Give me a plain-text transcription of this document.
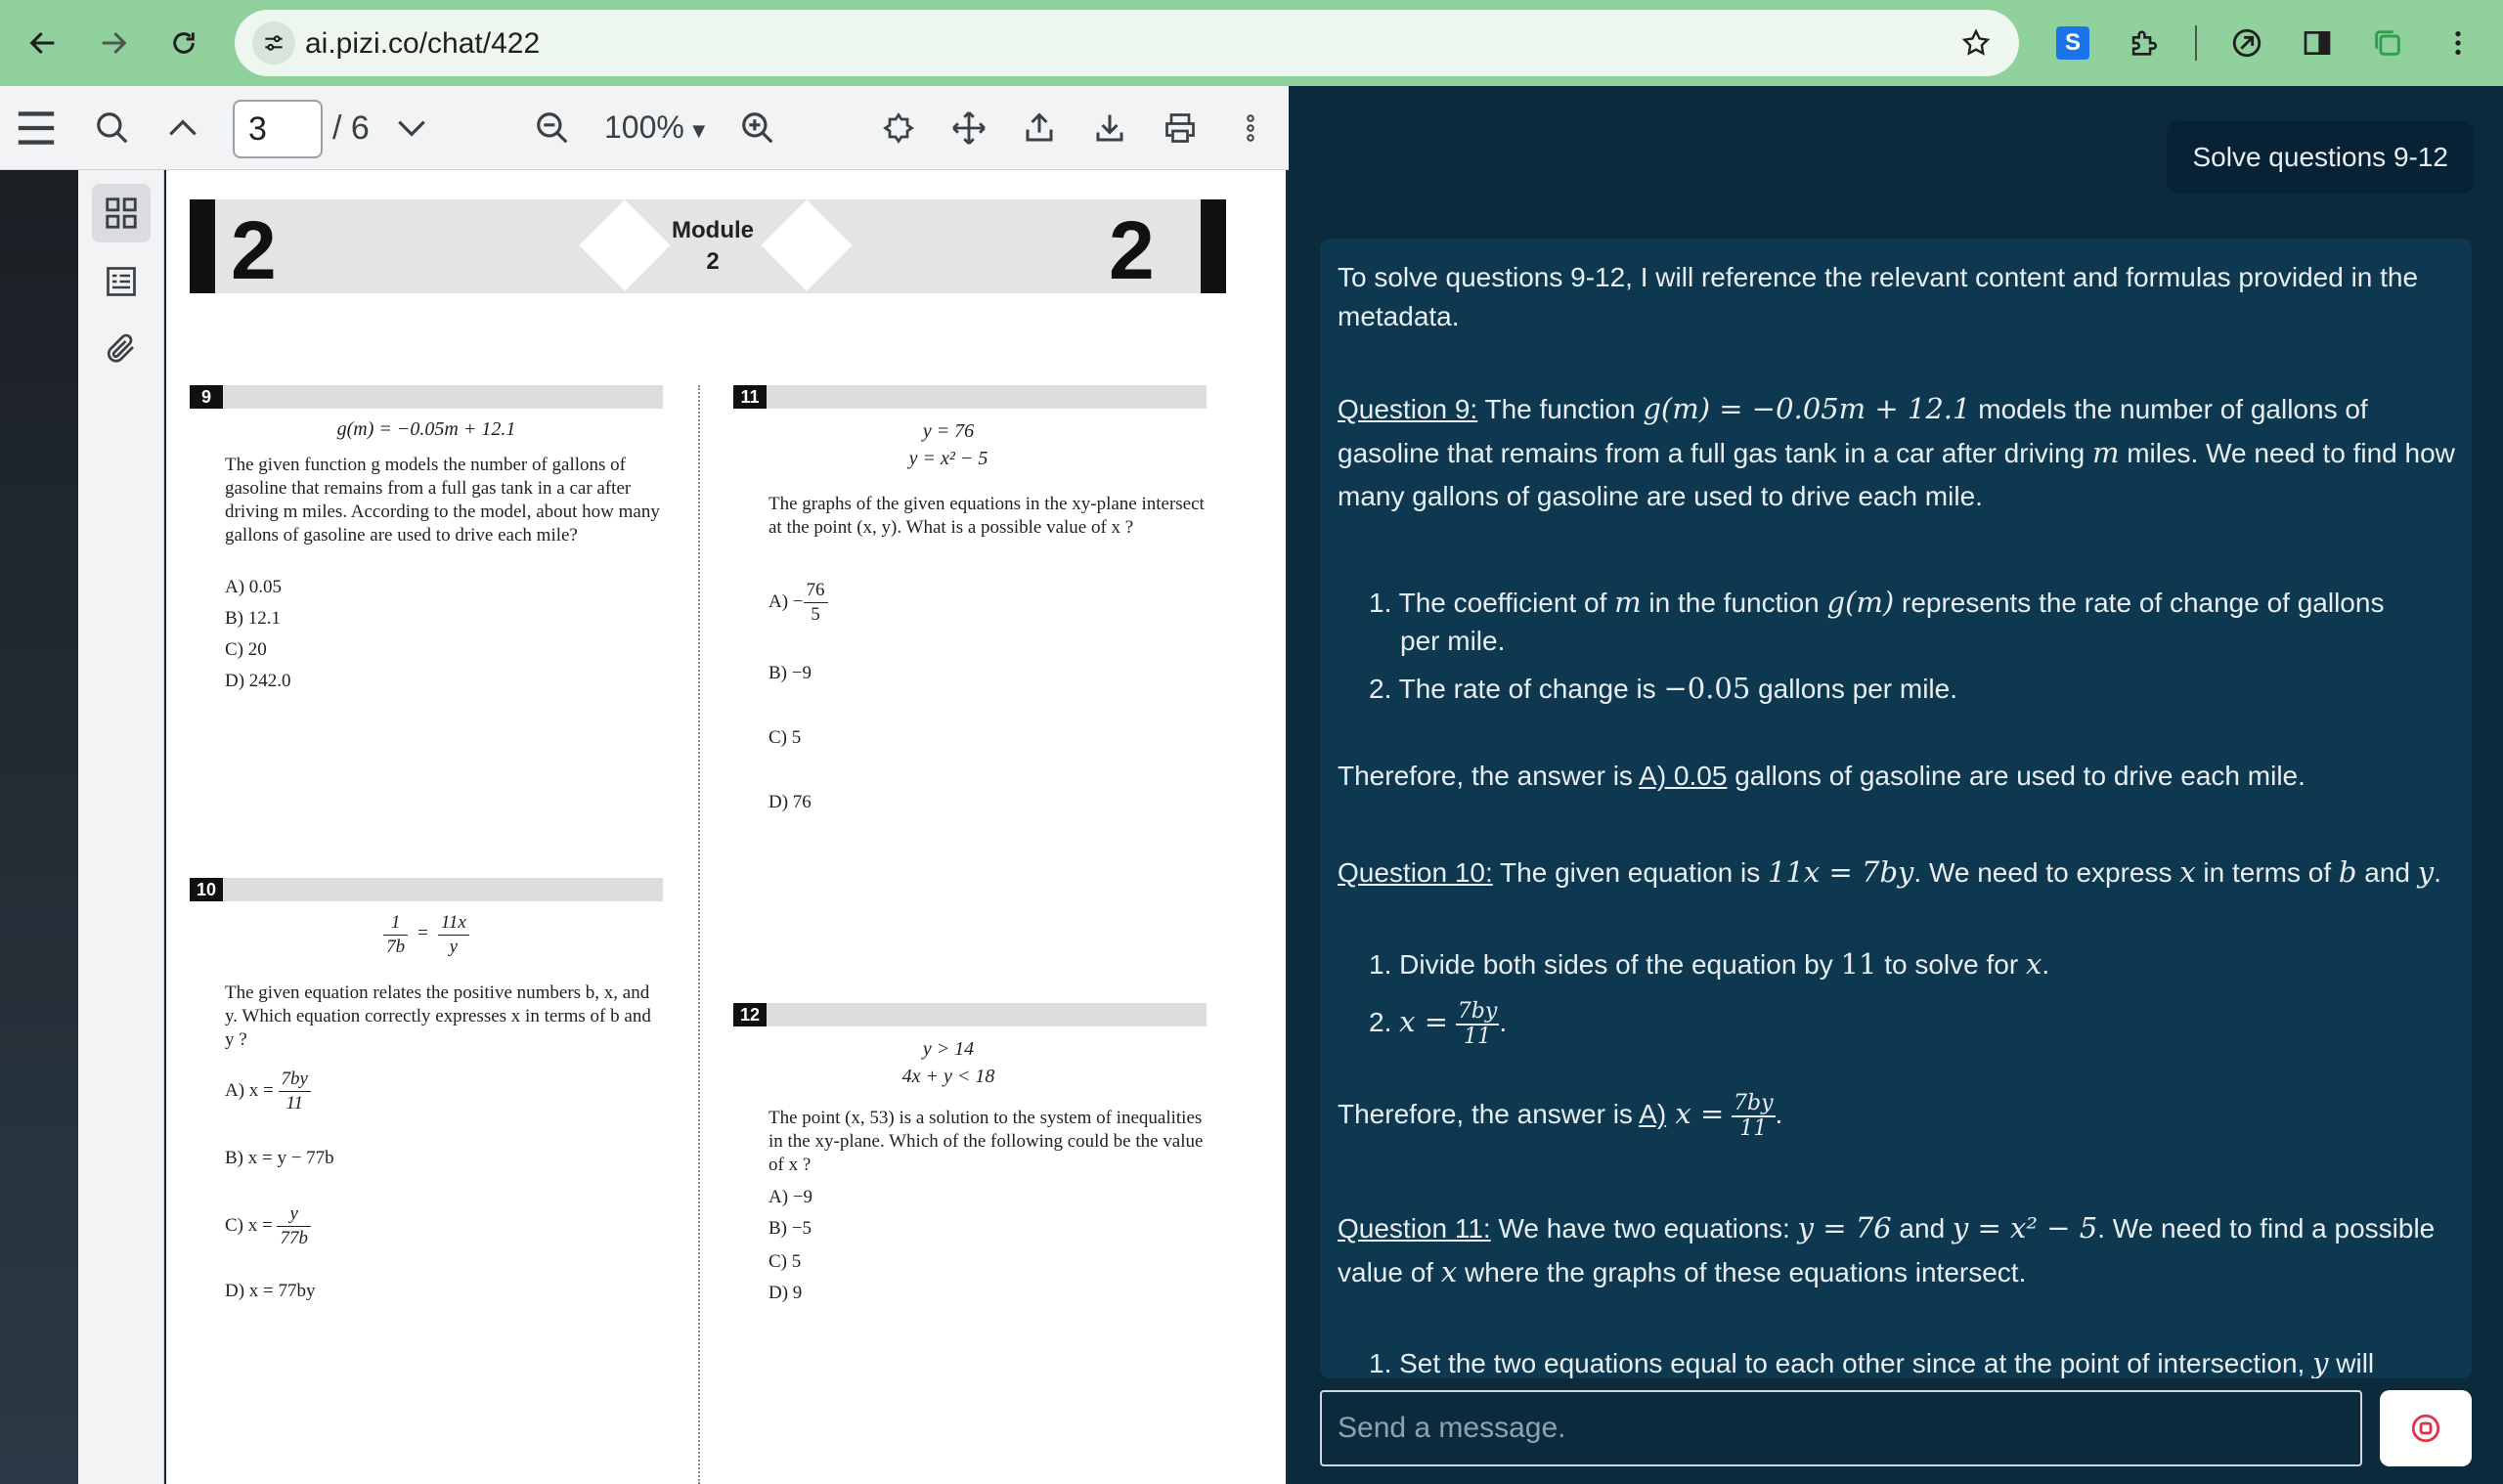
ai.pizi.co/chat/422	S
3
/ 6	100% ▼
2	Module
2	2
9
g(m) = −0.05m + 12.1
The given function g models the number of gallons of gasoline that remains from a full gas tank in a car after driving m miles. According to the model, about how many gallons of gasoline are used to drive each mile?
A) 0.05
B) 12.1
C) 20
D) 242.0
10
$\frac{1}{7b} = \frac{11x}{y}$
The given equation relates the positive numbers b, x, and y. Which equation correctly expresses x in terms of b and y ?
A) $x = \frac{7by}{11}$
B) x = y − 77b
C) $x = \frac{y}{77b}$
D) x = 77by
11
y = 76
y = x² − 5
The graphs of the given equations in the xy-plane intersect at the point (x, y). What is a possible value of x ?
$A) - \frac{76}{5}$
B) −9
C) 5
D) 76
12
y > 14
4x + y < 18
The point (x, 53) is a solution to the system of inequalities in the xy-plane. Which of the following could be the value of x ?
A) −9
B) −5
C) 5
D) 9
Solve questions 9-12
To solve questions 9-12, I will reference the relevant content and formulas provided in the metadata.
Question 9: The function g(m) = −0.05m + 12.1 models the number of gallons of gasoline that remains from a full gas tank in a car after driving m miles. We need to find how many gallons of gasoline are used to drive each mile.
1. The coefficient of m in the function g(m) represents the rate of change of gallons
per mile.
2. The rate of change is −0.05 gallons per mile.
Therefore, the answer is A) 0.05 gallons of gasoline are used to drive each mile.
Question 10: The given equation is 11x = 7by. We need to express x in terms of b and y.
1. Divide both sides of the equation by 11 to solve for x.
2. $x = \frac{7by}{11}$ .
Therefore, the answer is A) $x = \frac{7by}{11}$ .
Question 11: We have two equations: y = 76 and y = x² − 5. We need to find a possible value of x where the graphs of these equations intersect.
1. Set the two equations equal to each other since at the point of intersection, y will
Send a message.
